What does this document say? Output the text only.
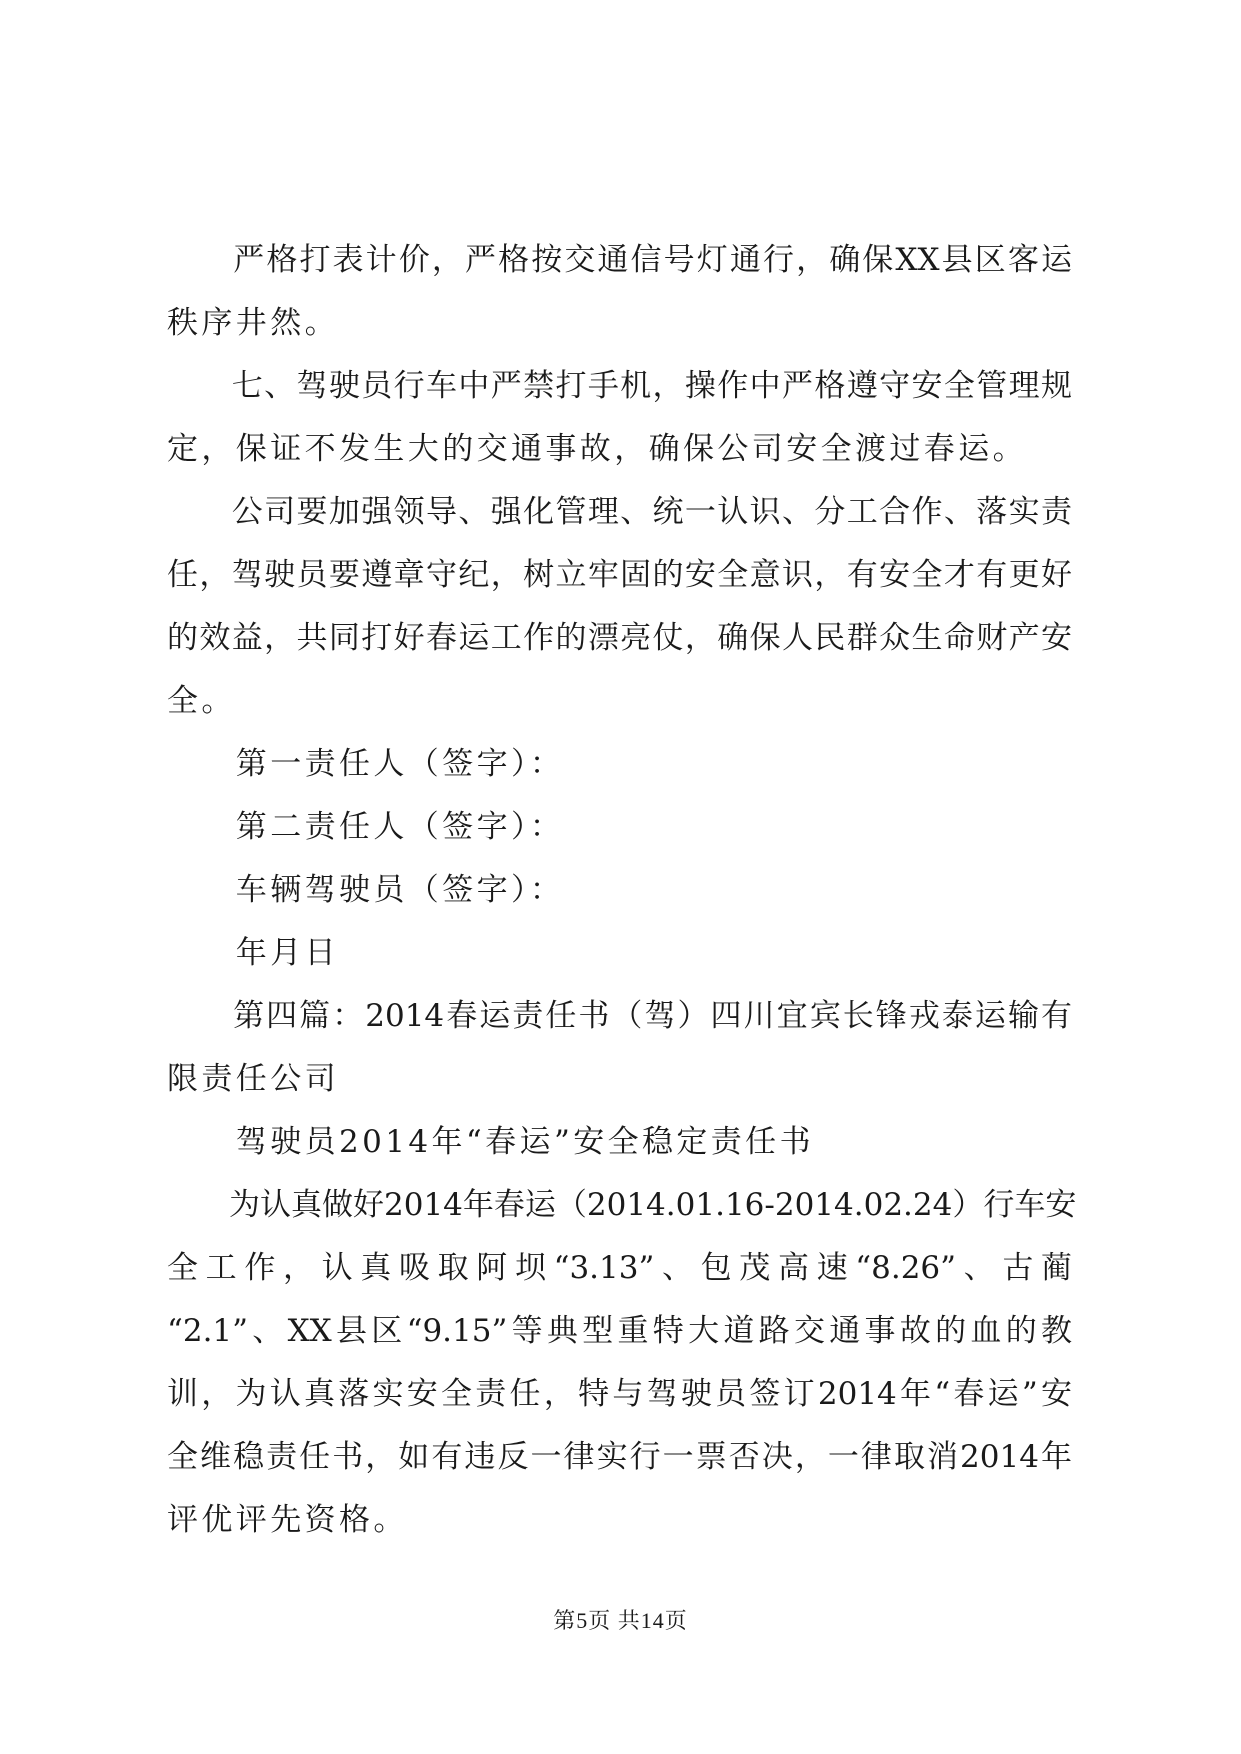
　　严格打表计价，严格按交通信号灯通行，确保XX县区客运
秩序井然。
　　七、驾驶员行车中严禁打手机，操作中严格遵守安全管理规
定，保证不发生大的交通事故，确保公司安全渡过春运。
　　公司要加强领导、强化管理、统一认识、分工合作、落实责
任，驾驶员要遵章守纪，树立牢固的安全意识，有安全才有更好
的效益，共同打好春运工作的漂亮仗，确保人民群众生命财产安
全。
　　第一责任人（签字）：
　　第二责任人（签字）：
　　车辆驾驶员（签字）：
　　年月日
　　第四篇：2014春运责任书（驾）四川宜宾长锋戎泰运输有
限责任公司
　　驾驶员2014年“春运”安全稳定责任书
　　为认真做好2014年春运（2014.01.16-2014.02.24）行车安
全工作，认真吸取阿坝“3.13”、包茂高速“8.26”、古蔺
“2.1”、XX县区“9.15”等典型重特大道路交通事故的血的教
训，为认真落实安全责任，特与驾驶员签订2014年“春运”安
全维稳责任书，如有违反一律实行一票否决，一律取消2014年
评优评先资格。
第5页 共14页
